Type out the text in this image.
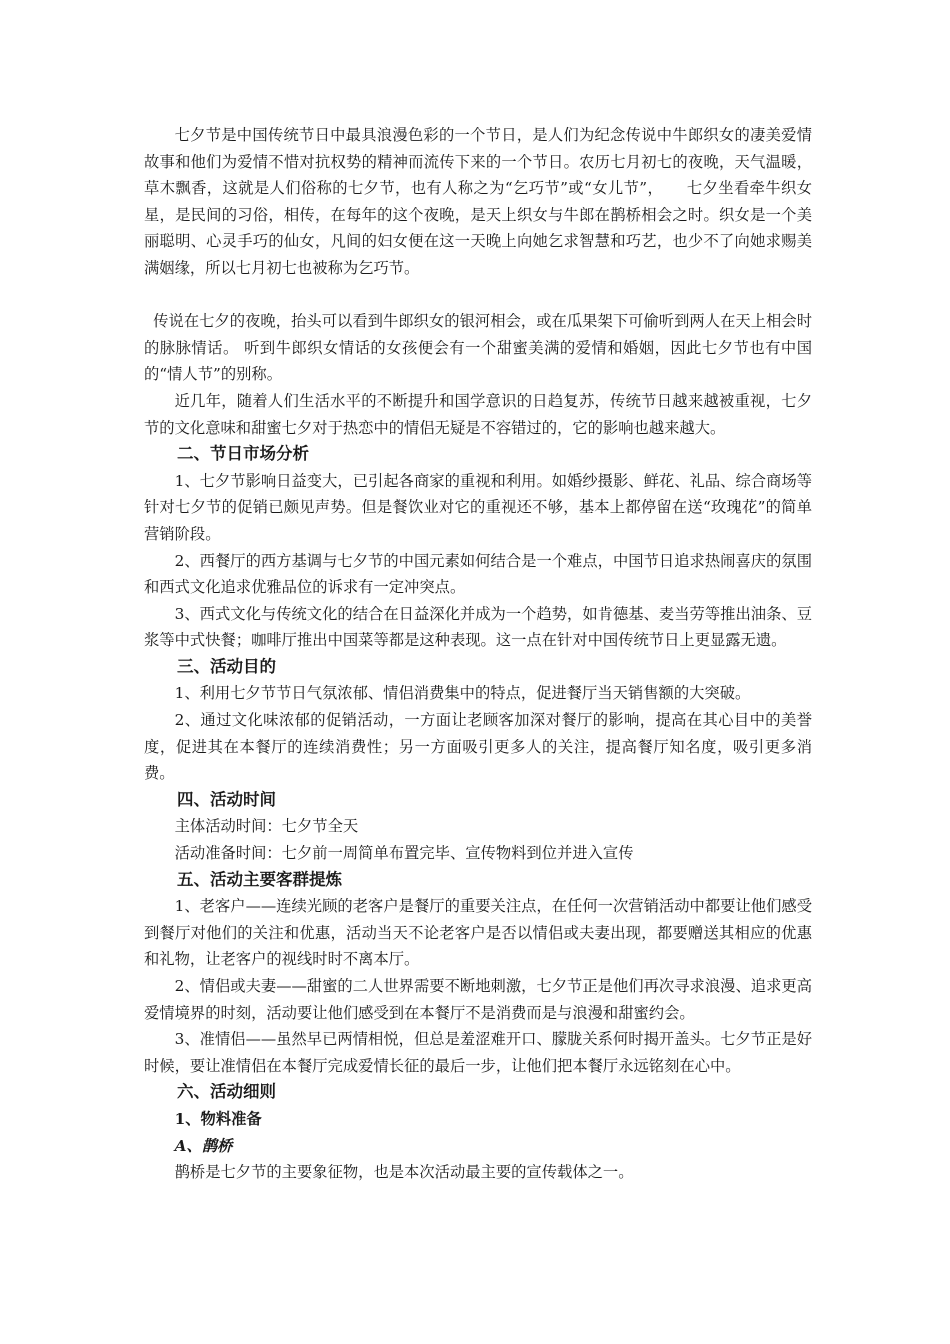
七夕节是中国传统节日中最具浪漫色彩的一个节日，是人们为纪念传说中牛郎织女的凄美爱情故事和他们为爱情不惜对抗权势的精神而流传下来的一个节日。农历七月初七的夜晚，天气温暖，草木飘香，这就是人们俗称的七夕节，也有人称之为“乞巧节”或“女儿节”，　　七夕坐看牵牛织女星，是民间的习俗，相传，在每年的这个夜晚，是天上织女与牛郎在鹊桥相会之时。织女是一个美丽聪明、心灵手巧的仙女，凡间的妇女便在这一天晚上向她乞求智慧和巧艺，也少不了向她求赐美满姻缘，所以七月初七也被称为乞巧节。

传说在七夕的夜晚，抬头可以看到牛郎织女的银河相会，或在瓜果架下可偷听到两人在天上相会时的脉脉情话。 听到牛郎织女情话的女孩便会有一个甜蜜美满的爱情和婚姻，因此七夕节也有中国的“情人节”的别称。

近几年，随着人们生活水平的不断提升和国学意识的日趋复苏，传统节日越来越被重视，七夕节的文化意味和甜蜜七夕对于热恋中的情侣无疑是不容错过的，它的影响也越来越大。

二、节日市场分析

1、七夕节影响日益变大，已引起各商家的重视和利用。如婚纱摄影、鲜花、礼品、综合商场等针对七夕节的促销已颇见声势。但是餐饮业对它的重视还不够，基本上都停留在送“玫瑰花”的简单营销阶段。

2、西餐厅的西方基调与七夕节的中国元素如何结合是一个难点，中国节日追求热闹喜庆的氛围和西式文化追求优雅品位的诉求有一定冲突点。

3、西式文化与传统文化的结合在日益深化并成为一个趋势，如肯德基、麦当劳等推出油条、豆浆等中式快餐；咖啡厅推出中国菜等都是这种表现。这一点在针对中国传统节日上更显露无遗。

三、活动目的

1、利用七夕节节日气氛浓郁、情侣消费集中的特点，促进餐厅当天销售额的大突破。

2、通过文化味浓郁的促销活动，一方面让老顾客加深对餐厅的影响，提高在其心目中的美誉度，促进其在本餐厅的连续消费性；另一方面吸引更多人的关注，提高餐厅知名度，吸引更多消费。

四、活动时间

主体活动时间：七夕节全天

活动准备时间：七夕前一周简单布置完毕、宣传物料到位并进入宣传

五、活动主要客群提炼

1、老客户——连续光顾的老客户是餐厅的重要关注点，在任何一次营销活动中都要让他们感受到餐厅对他们的关注和优惠，活动当天不论老客户是否以情侣或夫妻出现，都要赠送其相应的优惠和礼物，让老客户的视线时时不离本厅。

2、情侣或夫妻——甜蜜的二人世界需要不断地刺激，七夕节正是他们再次寻求浪漫、追求更高爱情境界的时刻，活动要让他们感受到在本餐厅不是消费而是与浪漫和甜蜜约会。

3、准情侣——虽然早已两情相悦，但总是羞涩难开口、朦胧关系何时揭开盖头。七夕节正是好时候，要让准情侣在本餐厅完成爱情长征的最后一步，让他们把本餐厅永远铭刻在心中。

六、活动细则
1、物料准备
A、鹊桥

鹊桥是七夕节的主要象征物，也是本次活动最主要的宣传载体之一。
